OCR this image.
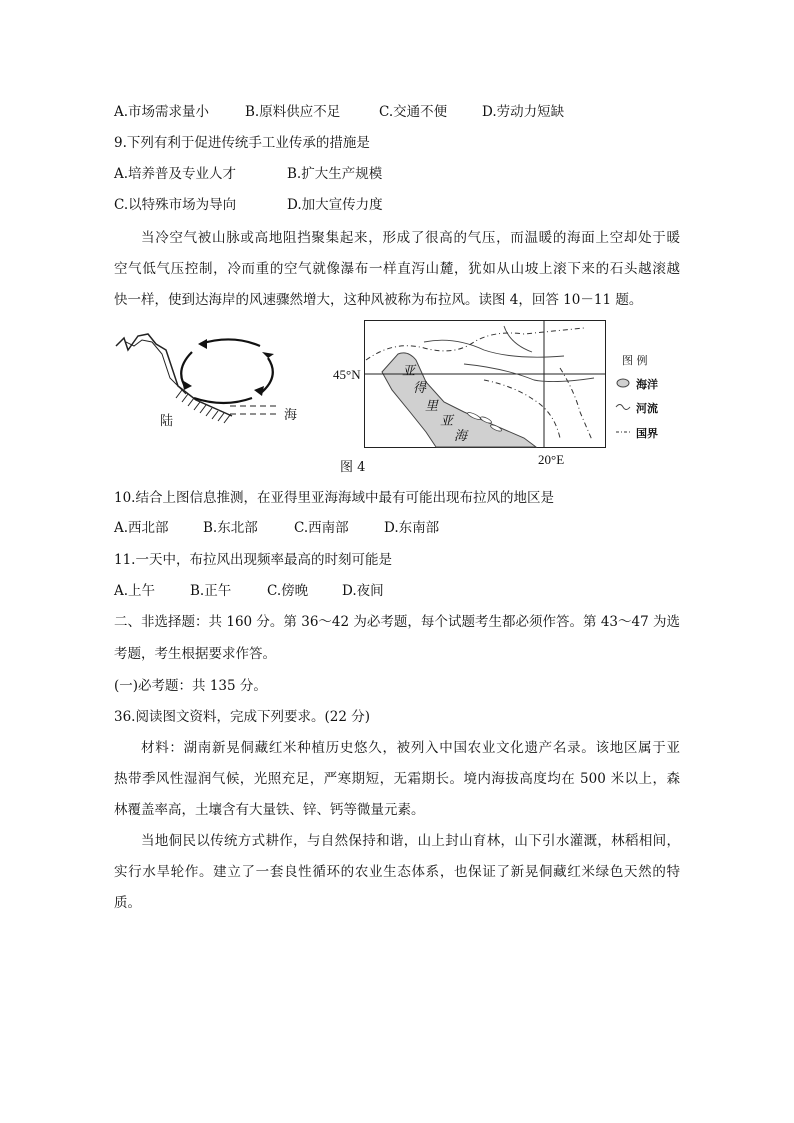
A.市场需求量小	B.原料供应不足	C.交通不便	D.劳动力短缺
9.下列有利于促进传统手工业传承的措施是
A.培养普及专业人才	B.扩大生产规模
C.以特殊市场为导向	D.加大宣传力度
当冷空气被山脉或高地阻挡聚集起来，形成了很高的气压，而温暖的海面上空却处于暖
空气低气压控制，冷而重的空气就像瀑布一样直泻山麓，犹如从山坡上滚下来的石头越滚越
快一样，使到达海岸的风速骤然增大，这种风被称为布拉风。读图 4，回答 10－11 题。
陆	海
45°N
20°E
亚
得
里
亚
海
图 例
海洋
河流
国界
图 4
10.结合上图信息推测，在亚得里亚海海域中最有可能出现布拉风的地区是
A.西北部	B.东北部	C.西南部	D.东南部
11.一天中，布拉风出现频率最高的时刻可能是
A.上午	B.正午	C.傍晚	D.夜间
二、非选择题：共 160 分。第 36～42 为必考题，每个试题考生都必须作答。第 43～47 为选
考题，考生根据要求作答。
(一)必考题：共 135 分。
36.阅读图文资料，完成下列要求。(22 分)
材料：湖南新晃侗藏红米种植历史悠久，被列入中国农业文化遗产名录。该地区属于亚
热带季风性湿润气候，光照充足，严寒期短，无霜期长。境内海拔高度均在 500 米以上，森
林覆盖率高，土壤含有大量铁、锌、钙等微量元素。
当地侗民以传统方式耕作，与自然保持和谐，山上封山育林，山下引水灌溉，林稻相间，
实行水旱轮作。建立了一套良性循环的农业生态体系，也保证了新晃侗藏红米绿色天然的特
质。
